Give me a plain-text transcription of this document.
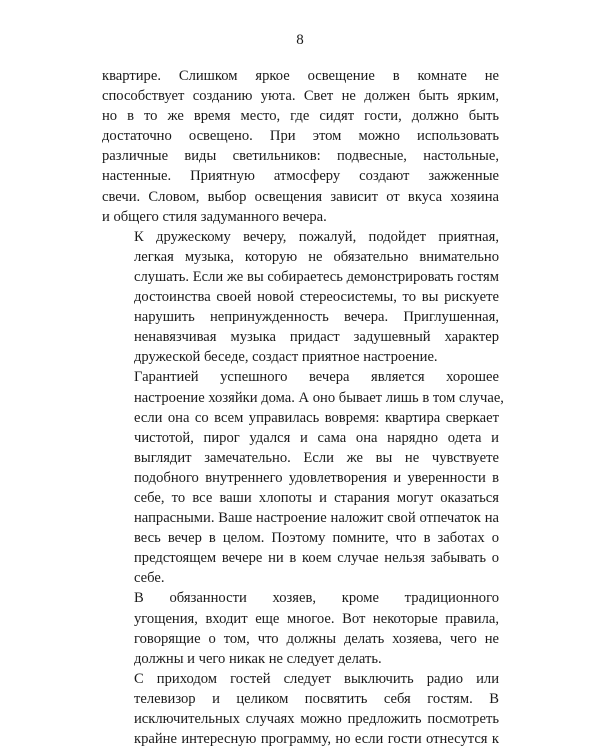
8
квартире. Слишком яркое освещение в комнате не
способствует созданию уюта. Свет не должен быть ярким,
но в то же время место, где сидят гости, должно быть
достаточно освещено. При этом можно использовать
различные виды светильников: подвесные, настольные,
настенные. Приятную атмосферу создают зажженные
свечи. Словом, выбор освещения зависит от вкуса хозяина
и общего стиля задуманного вечера.
К дружескому вечеру, пожалуй, подойдет приятная,
легкая музыка, которую не обязательно внимательно
слушать. Если же вы собираетесь демонстрировать гостям
достоинства своей новой стереосистемы, то вы рискуете
нарушить непринужденность вечера. Приглушенная,
ненавязчивая музыка придаст задушевный характер
дружеской беседе, создаст приятное настроение.
Гарантией успешного вечера является хорошее
настроение хозяйки дома. А оно бывает лишь в том случае,
если она со всем управилась вовремя: квартира сверкает
чистотой, пирог удался и сама она нарядно одета и
выглядит замечательно. Если же вы не чувствуете
подобного внутреннего удовлетворения и уверенности в
себе, то все ваши хлопоты и старания могут оказаться
напрасными. Ваше настроение наложит свой отпечаток на
весь вечер в целом. Поэтому помните, что в заботах о
предстоящем вечере ни в коем случае нельзя забывать о
себе.
В обязанности хозяев, кроме традиционного
угощения, входит еще многое. Вот некоторые правила,
говорящие о том, что должны делать хозяева, чего не
должны и чего никак не следует делать.
С приходом гостей следует выключить радио или
телевизор и целиком посвятить себя гостям. В
исключительных случаях можно предложить посмотреть
крайне интересную программу, но если гости отнесутся к
